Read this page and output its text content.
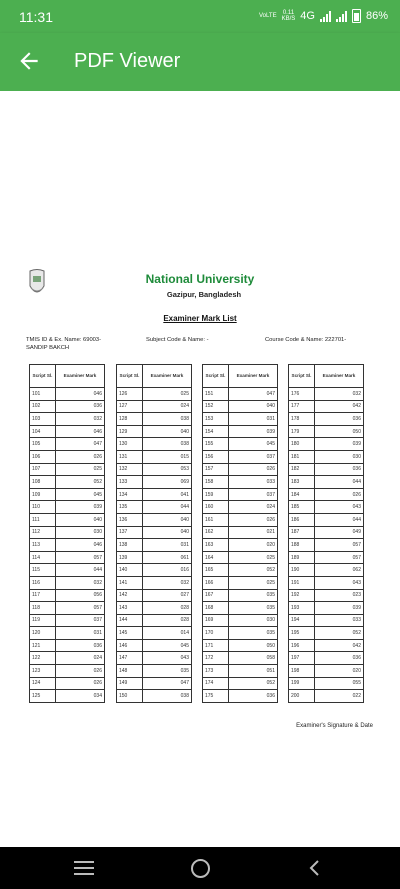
11:31	VoLTE 0.11
KB/S 4G	86%
PDF Viewer
National University
Gazipur, Bangladesh
Examiner Mark List
TMIS ID & Ex. Name: 69003-
SANDIP BAKCH
Subject Code & Name: -	Course Code & Name: 222701-
Script Sl.	Examiner Mark
101	046
102	036
103	032
104	046
105	047
106	026
107	025
108	052
109	045
110	039
111	040
112	030
113	046
114	057
115	044
116	032
117	056
118	057
119	037
120	031
121	036
122	024
123	026
124	026
125	034
Script Sl.	Examiner Mark
126	025
127	024
128	038
129	040
130	038
131	015
132	053
133	069
134	041
135	044
136	040
137	040
138	031
139	061
140	016
141	032
142	027
143	028
144	028
145	014
146	045
147	043
148	035
149	047
150	038
Script Sl.	Examiner Mark
151	047
152	040
153	031
154	039
155	045
156	037
157	026
158	033
159	037
160	024
161	026
162	021
163	020
164	025
165	052
166	025
167	035
168	035
169	030
170	035
171	050
172	058
173	051
174	052
175	036
Script Sl.	Examiner Mark
176	032
177	042
178	036
179	050
180	039
181	030
182	036
183	044
184	026
185	043
186	044
187	049
188	057
189	057
190	062
191	043
192	023
193	039
194	033
195	052
196	042
197	036
198	020
199	055
200	022
Examiner's Signature & Date
